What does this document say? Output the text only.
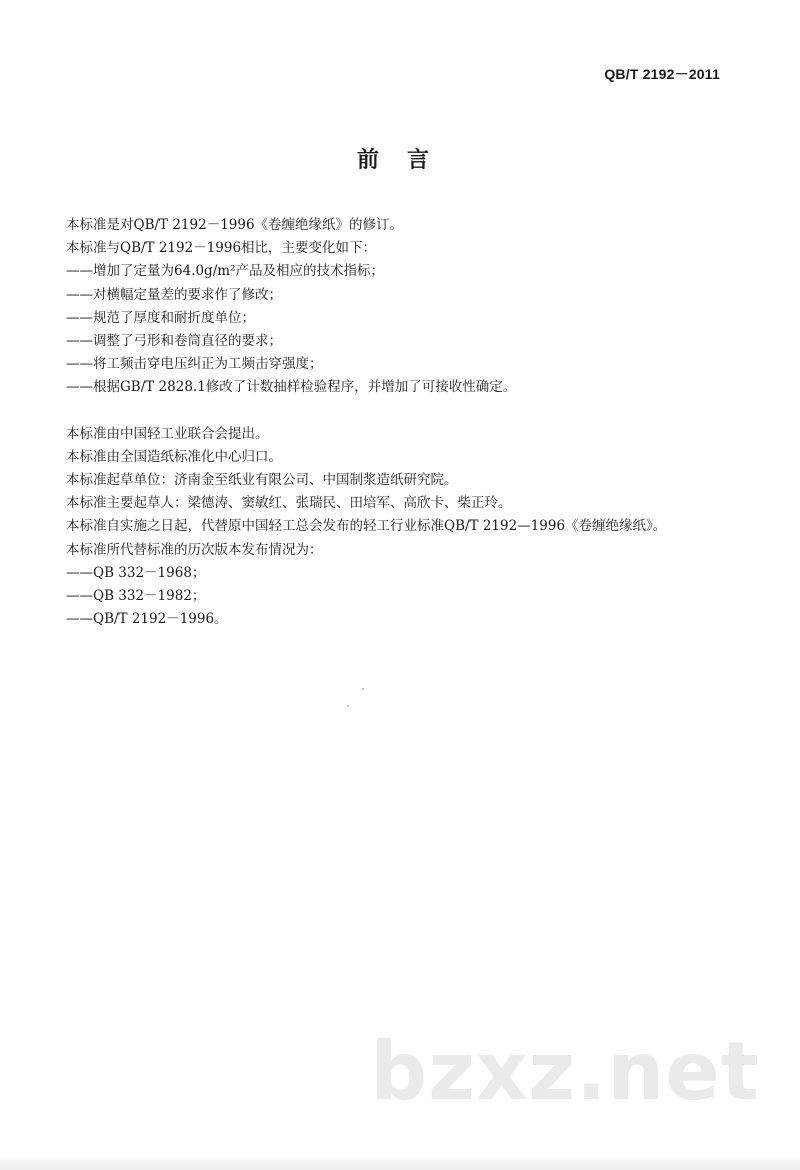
QB/T 2192－2011
前言
本标准是对QB/T 2192－1996《卷缠绝缘纸》的修订。
本标准与QB/T 2192－1996相比，主要变化如下：
——增加了定量为64.0g/m²产品及相应的技术指标；
——对横幅定量差的要求作了修改；
——规范了厚度和耐折度单位；
——调整了弓形和卷筒直径的要求；
——将工频击穿电压纠正为工频击穿强度；
——根据GB/T 2828.1修改了计数抽样检验程序，并增加了可接收性确定。
本标准由中国轻工业联合会提出。
本标准由全国造纸标准化中心归口。
本标准起草单位：济南金至纸业有限公司、中国制浆造纸研究院。
本标准主要起草人：梁德涛、窦敏红、张瑞民、田培军、高欣卡、柴正玲。
本标准自实施之日起，代替原中国轻工总会发布的轻工行业标准QB/T 2192—1996《卷缠绝缘纸》。
本标准所代替标准的历次版本发布情况为：
——QB 332－1968；
——QB 332－1982；
——QB/T 2192－1996。
bzxz.net
